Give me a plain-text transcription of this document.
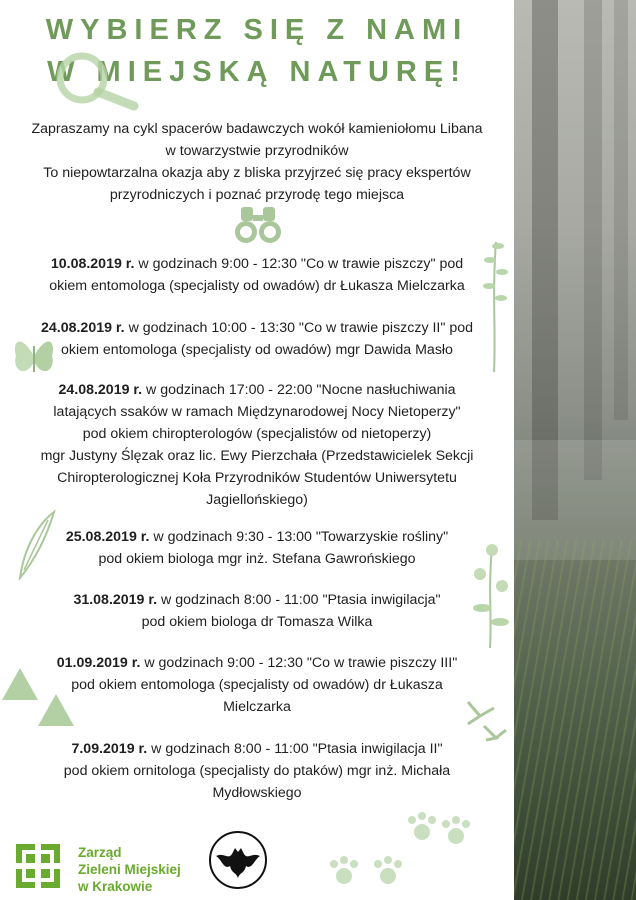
WYBIERZ SIĘ Z NAMI
W MIEJSKĄ NATURĘ!
Zapraszamy na cykl spacerów badawczych wokół kamieniołomu Libana
w towarzystwie przyrodników
To niepowtarzalna okazja aby z bliska przyjrzeć się pracy ekspertów
przyrodniczych i poznać przyrodę tego miejsca
10.08.2019 r. w godzinach 9:00 - 12:30 "Co w trawie piszczy" pod
okiem entomologa (specjalisty od owadów) dr Łukasza Mielczarka
24.08.2019 r. w godzinach 10:00 - 13:30 "Co w trawie piszczy II" pod
okiem entomologa (specjalisty od owadów) mgr Dawida Masło
24.08.2019 r. w godzinach 17:00 - 22:00 "Nocne nasłuchiwania
latających ssaków w ramach Międzynarodowej Nocy Nietoperzy"
pod okiem chiropterologów (specjalistów od nietoperzy)
mgr Justyny Ślęzak oraz lic. Ewy Pierzchała (Przedstawicielek Sekcji
Chiropterologicznej Koła Przyrodników Studentów Uniwersytetu
Jagiellońskiego)
25.08.2019 r. w godzinach 9:30 - 13:00 "Towarzyskie rośliny"
pod okiem biologa mgr inż. Stefana Gawrońskiego
31.08.2019 r. w godzinach 8:00 - 11:00 "Ptasia inwigilacja"
pod okiem biologa dr Tomasza Wilka
01.09.2019 r. w godzinach 9:00 - 12:30 "Co w trawie piszczy III"
pod okiem entomologa (specjalisty od owadów) dr Łukasza
Mielczarka
7.09.2019 r. w godzinach 8:00 - 11:00 "Ptasia inwigilacja II"
pod okiem ornitologa (specjalisty do ptaków) mgr inż. Michała
Mydłowskiego
Zarząd
Zieleni Miejskiej
w Krakowie
